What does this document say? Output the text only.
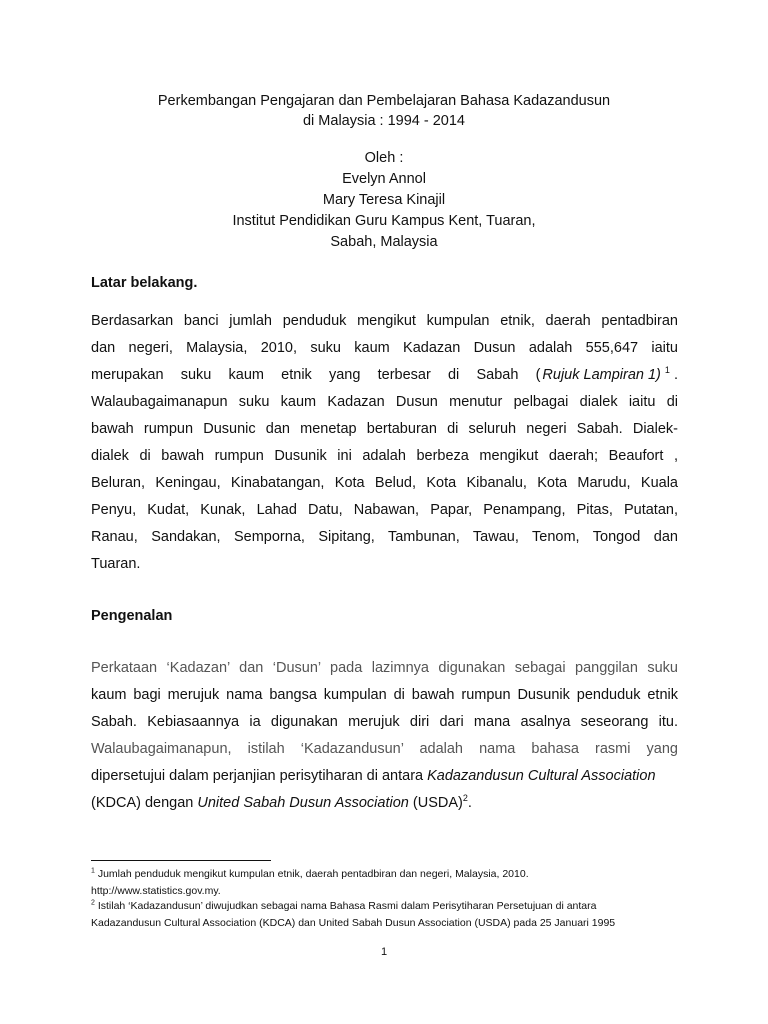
Perkembangan Pengajaran dan Pembelajaran Bahasa Kadazandusun
di Malaysia : 1994 - 2014
Oleh :
Evelyn Annol
Mary Teresa Kinajil
Institut Pendidikan Guru Kampus Kent, Tuaran,
Sabah, Malaysia
Latar belakang.
Berdasarkan banci jumlah penduduk mengikut kumpulan etnik, daerah pentadbiran
dan negeri, Malaysia, 2010, suku kaum Kadazan Dusun adalah 555,647 iaitu
merupakan suku kaum etnik yang terbesar di Sabah ( Rujuk Lampiran 1) $^1$ .
Walaubagaimanapun suku kaum Kadazan Dusun menutur pelbagai dialek iaitu di
bawah rumpun Dusunic dan menetap bertaburan di seluruh negeri Sabah. Dialek-
dialek di bawah rumpun Dusunik ini adalah berbeza mengikut daerah; Beaufort ,
Beluran, Keningau, Kinabatangan, Kota Belud, Kota Kibanalu, Kota Marudu, Kuala
Penyu, Kudat, Kunak, Lahad Datu, Nabawan, Papar, Penampang, Pitas, Putatan,
Ranau, Sandakan, Semporna, Sipitang, Tambunan, Tawau, Tenom, Tongod dan
Tuaran.
Pengenalan
Perkataan ‘Kadazan’ dan ‘Dusun’ pada lazimnya digunakan sebagai panggilan suku
kaum bagi merujuk nama bangsa kumpulan di bawah rumpun Dusunik penduduk etnik
Sabah. Kebiasaannya ia digunakan merujuk diri dari mana asalnya seseorang itu.
Walaubagaimanapun, istilah ‘Kadazandusun’ adalah nama bahasa rasmi yang
dipersetujui dalam perjanjian perisytiharan di antara Kadazandusun Cultural Association
(KDCA) dengan United Sabah Dusun Association (USDA)$^2$.
$^1$ Jumlah penduduk mengikut kumpulan etnik, daerah pentadbiran dan negeri, Malaysia, 2010.
http://www.statistics.gov.my.
$^2$ Istilah ‘Kadazandusun’ diwujudkan sebagai nama Bahasa Rasmi dalam Perisytiharan Persetujuan di antara
Kadazandusun Cultural Association (KDCA) dan United Sabah Dusun Association (USDA) pada 25 Januari 1995
1
